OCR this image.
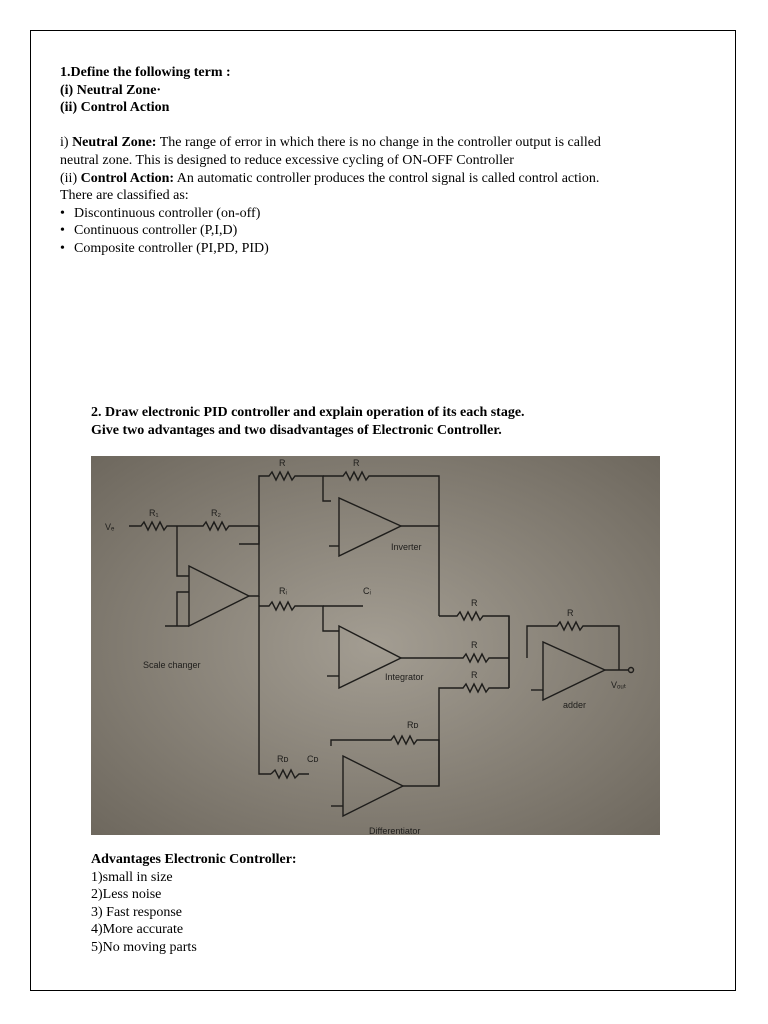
1.Define the following term :
(i) Neutral Zone·
(ii) Control Action
i) Neutral Zone: The range of error in which there is no change in the controller output is called neutral zone. This is designed to reduce excessive cycling of ON-OFF Controller
(ii) Control Action: An automatic controller produces the control signal is called control action.
There are classified as:
• Discontinuous controller (on-off)
• Continuous controller (P,I,D)
• Composite controller (PI,PD, PID)
2. Draw electronic PID controller and explain operation of its each stage.
Give two advantages and two disadvantages of Electronic Controller.
Vₑ
R₁	R₂
R	R
Inverter
Scale changer
Rᵢ	Cᵢ
Integrator
R
R
R
R
adder
Vₒᵤₜ
Rᴅ
Rᴅ Cᴅ
Differentiator
Advantages Electronic Controller:
1)small in size
2)Less noise
3) Fast response
4)More accurate
5)No moving parts
